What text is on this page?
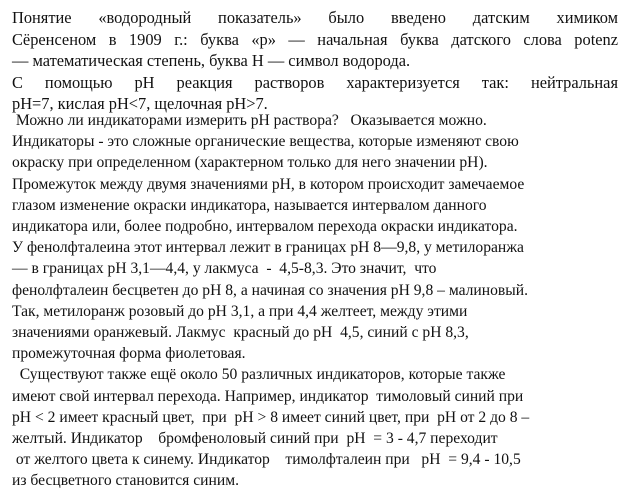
Понятие «водородный показатель» было введено датским химиком
Сёренсеном в 1909 г.: буква «р» — начальная буква датского слова potenz
— математическая степень, буква Н — символ водорода.
С помощью рН реакция растворов характеризуется так: нейтральная
рН=7, кислая рН<7, щелочная рН>7.
Можно ли индикаторами измерить рН раствора?   Оказывается можно.
Индикаторы - это сложные органические вещества, которые изменяют свою
окраску при определенном (характерном только для него значении рН).
Промежуток между двумя значениями рН, в котором происходит замечаемое
глазом изменение окраски индикатора, называется интервалом данного
индикатора или, более подробно, интервалом перехода окраски индикатора.
У фенолфталеина этот интервал лежит в границах рН 8—9,8, у метилоранжа
— в границах рН 3,1—4,4, у лакмуса  -  4,5-8,3. Это значит,  что
фенолфталеин бесцветен до рН 8, а начиная со значения рН 9,8 – малиновый.
Так, метилоранж розовый до рН 3,1, а при 4,4 желтеет, между этими
значениями оранжевый. Лакмус  красный до рН  4,5, синий с рН 8,3,
промежуточная форма фиолетовая.
Существуют также ещё около 50 различных индикаторов, которые также
имеют свой интервал перехода. Например, индикатор  тимоловый синий при
рН < 2 имеет красный цвет,  при  рН > 8 имеет синий цвет, при  рН от 2 до 8 –
желтый. Индикатор    бромфеноловый синий при  рН  = 3 - 4,7 переходит
от желтого цвета к синему. Индикатор    тимолфталеин при   рН  = 9,4 - 10,5
из бесцветного становится синим.
